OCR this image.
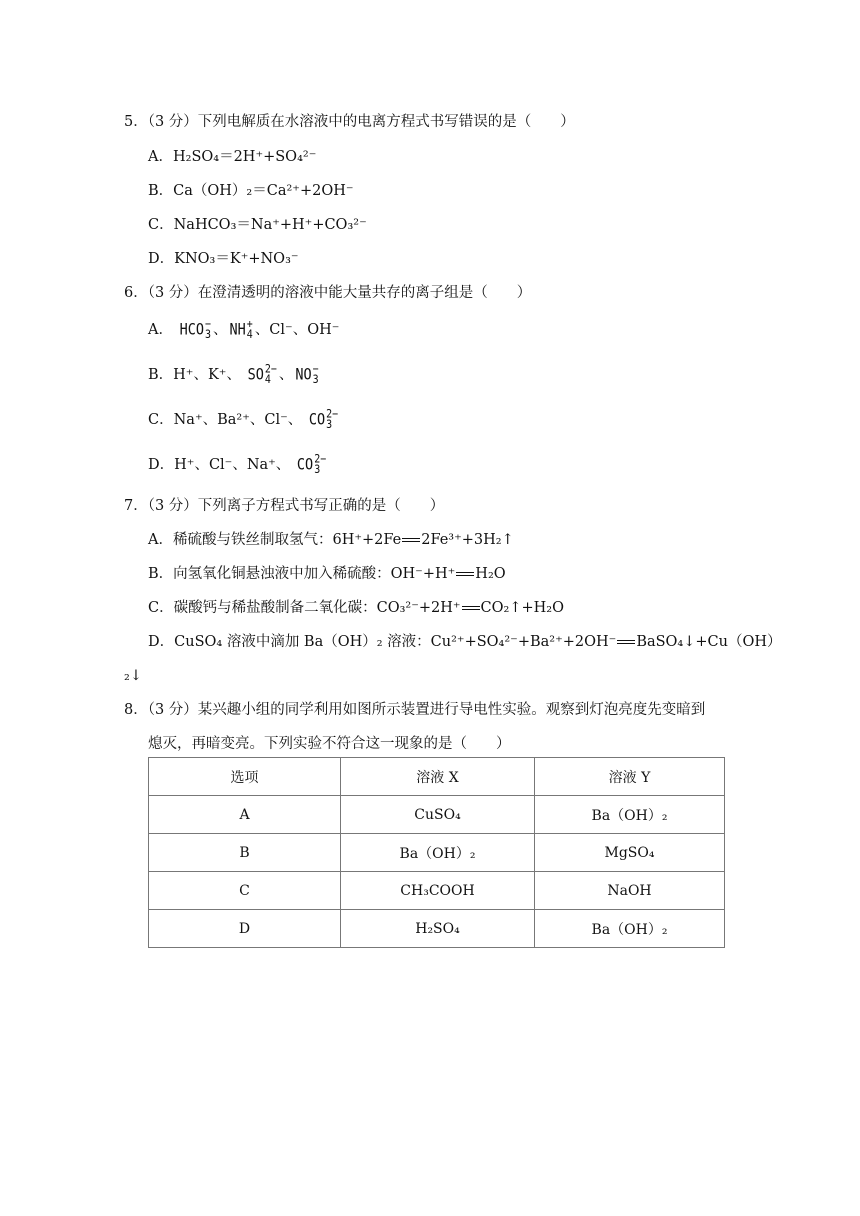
5．（3 分）下列电解质在水溶液中的电离方程式书写错误的是（　　）
A．H₂SO₄＝2H⁺+SO₄²⁻
B．Ca（OH）₂＝Ca²⁺+2OH⁻
C．NaHCO₃＝Na⁺+H⁺+CO₃²⁻
D．KNO₃＝K⁺+NO₃⁻
6．（3 分）在澄清透明的溶液中能大量共存的离子组是（　　）
A． HCO −
3 、 NH +
4 、Cl⁻、OH⁻
B．H⁺、K⁺、 SO 2−
4 、 NO −
3
C．Na⁺、Ba²⁺、Cl⁻、 CO 2−
3
D．H⁺、Cl⁻、Na⁺、 CO 2−
3
7．（3 分）下列离子方程式书写正确的是（　　）
A．稀硫酸与铁丝制取氢气：6H⁺+2Fe 2Fe³⁺+3H₂↑
B．向氢氧化铜悬浊液中加入稀硫酸：OH⁻+H⁺ H₂O
C．碳酸钙与稀盐酸制备二氧化碳：CO₃²⁻+2H⁺ CO₂↑+H₂O
D．CuSO₄ 溶液中滴加 Ba（OH）₂ 溶液：Cu²⁺+SO₄²⁻+Ba²⁺+2OH⁻ BaSO₄↓+Cu（OH）
₂↓
8．（3 分）某兴趣小组的同学利用如图所示装置进行导电性实验。观察到灯泡亮度先变暗到
熄灭，再暗变亮。下列实验不符合这一现象的是（　　）
选项	溶液 X	溶液 Y
A	CuSO₄	Ba（OH）₂
B	Ba（OH）₂	MgSO₄
C	CH₃COOH	NaOH
D	H₂SO₄	Ba（OH）₂
